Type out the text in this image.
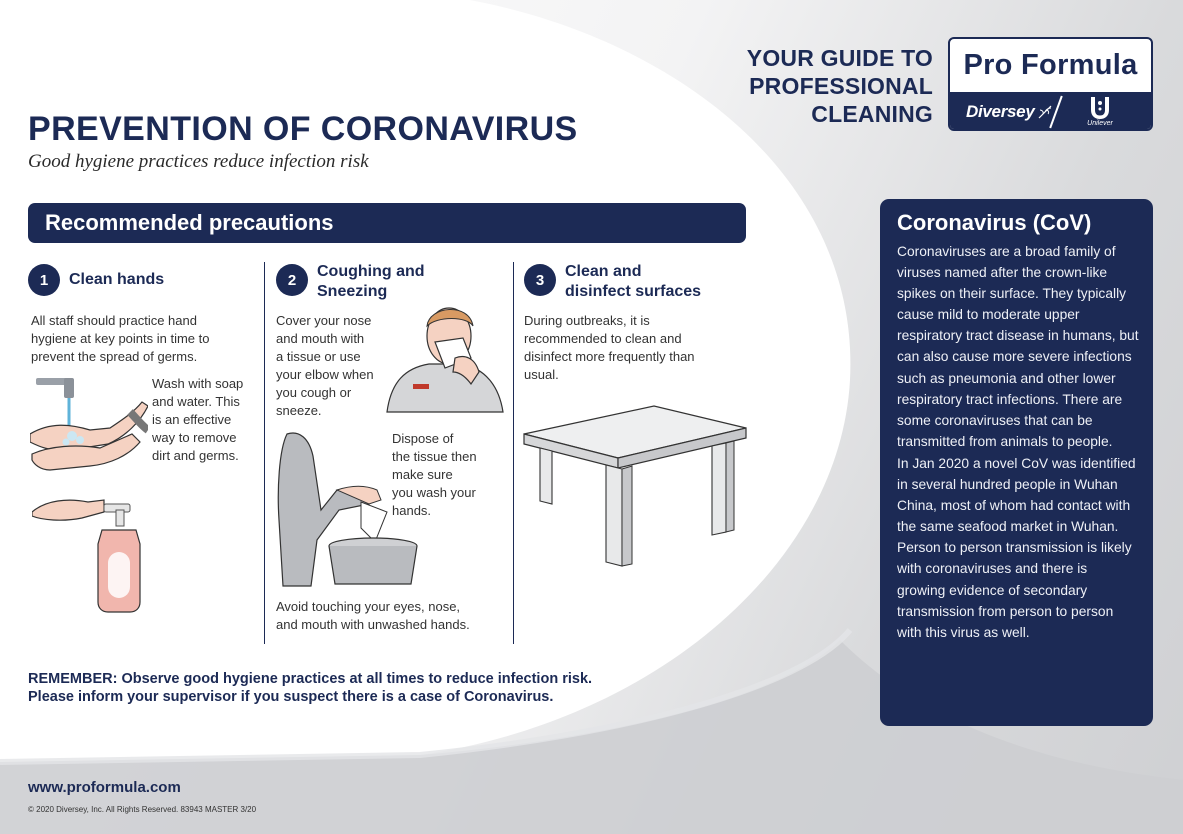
YOUR GUIDE TO
PROFESSIONAL
CLEANING
Pro Formula
Diversey
Unilever
PREVENTION OF CORONAVIRUS
Good hygiene practices reduce infection risk
Recommended precautions
1	Clean hands
All staff should practice hand
hygiene at key points in time to
prevent the spread of germs.
Wash with soap
and water. This
is an effective
way to remove
dirt and germs.
2	Coughing and
Sneezing
Cover your nose
and mouth with
a tissue or use
your elbow when
you cough or
sneeze.
Dispose of
the tissue then
make sure
you wash your
hands.
Avoid touching your eyes, nose,
and mouth with unwashed hands.
3	Clean and
disinfect surfaces
During outbreaks, it is
recommended to clean and
disinfect more frequently than
usual.
REMEMBER: Observe good hygiene practices at all times to reduce infection risk.
Please inform your supervisor if you suspect there is a case of Coronavirus.
Coronavirus (CoV)

Coronaviruses are a broad family of viruses named after the crown-like spikes on their surface. They typically cause mild to moderate upper respiratory tract disease in humans, but can also cause more severe infections such as pneumonia and other lower respiratory tract infections. There are some coronaviruses that can be transmitted from animals to people.

In Jan 2020 a novel CoV was identified in several hundred people in Wuhan China, most of whom had contact with the same seafood market in Wuhan. Person to person transmission is likely with coronaviruses and there is growing evidence of secondary transmission from person to person with this virus as well.

www.proformula.com
© 2020 Diversey, Inc. All Rights Reserved. 83943 MASTER 3/20
